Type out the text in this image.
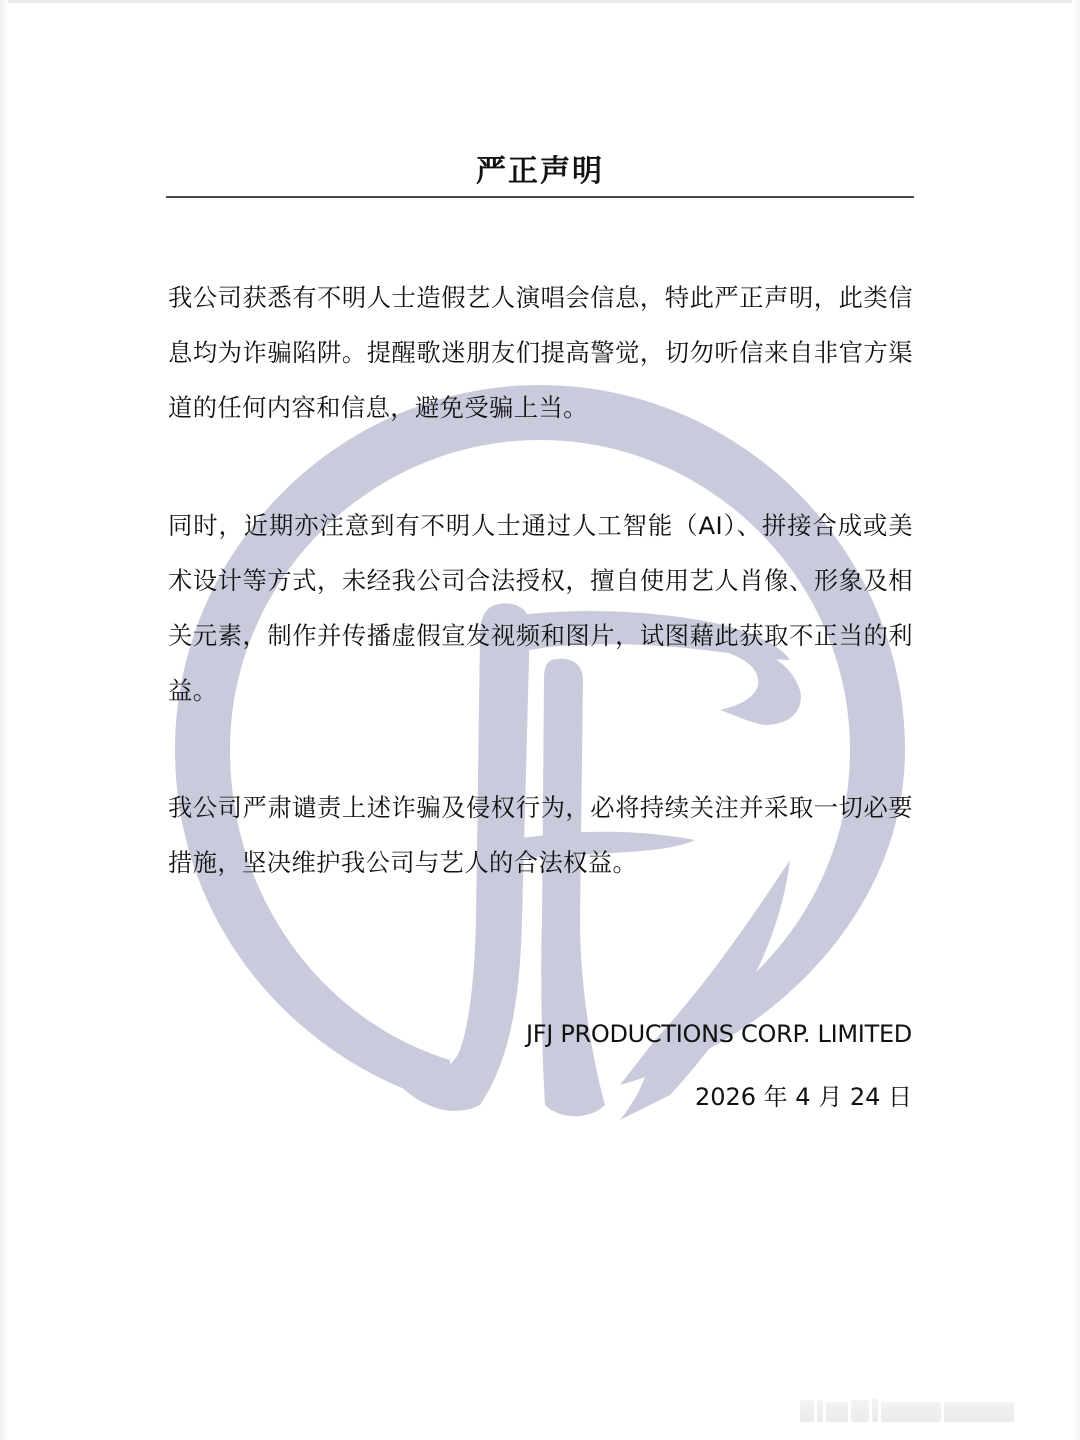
严正声明
我公司获悉有不明人士造假艺人演唱会信息，特此严正声明，此类信息均为诈骗陷阱。提醒歌迷朋友们提高警觉，切勿听信来自非官方渠道的任何内容和信息，避免受骗上当。
同时，近期亦注意到有不明人士通过人工智能（AI）、拼接合成或美术设计等方式，未经我公司合法授权，擅自使用艺人肖像、形象及相关元素，制作并传播虚假宣发视频和图片，试图藉此获取不正当的利益。
我公司严肃谴责上述诈骗及侵权行为，必将持续关注并采取一切必要措施，坚决维护我公司与艺人的合法权益。
JFJ PRODUCTIONS CORP. LIMITED
2026 年 4 月 24 日
